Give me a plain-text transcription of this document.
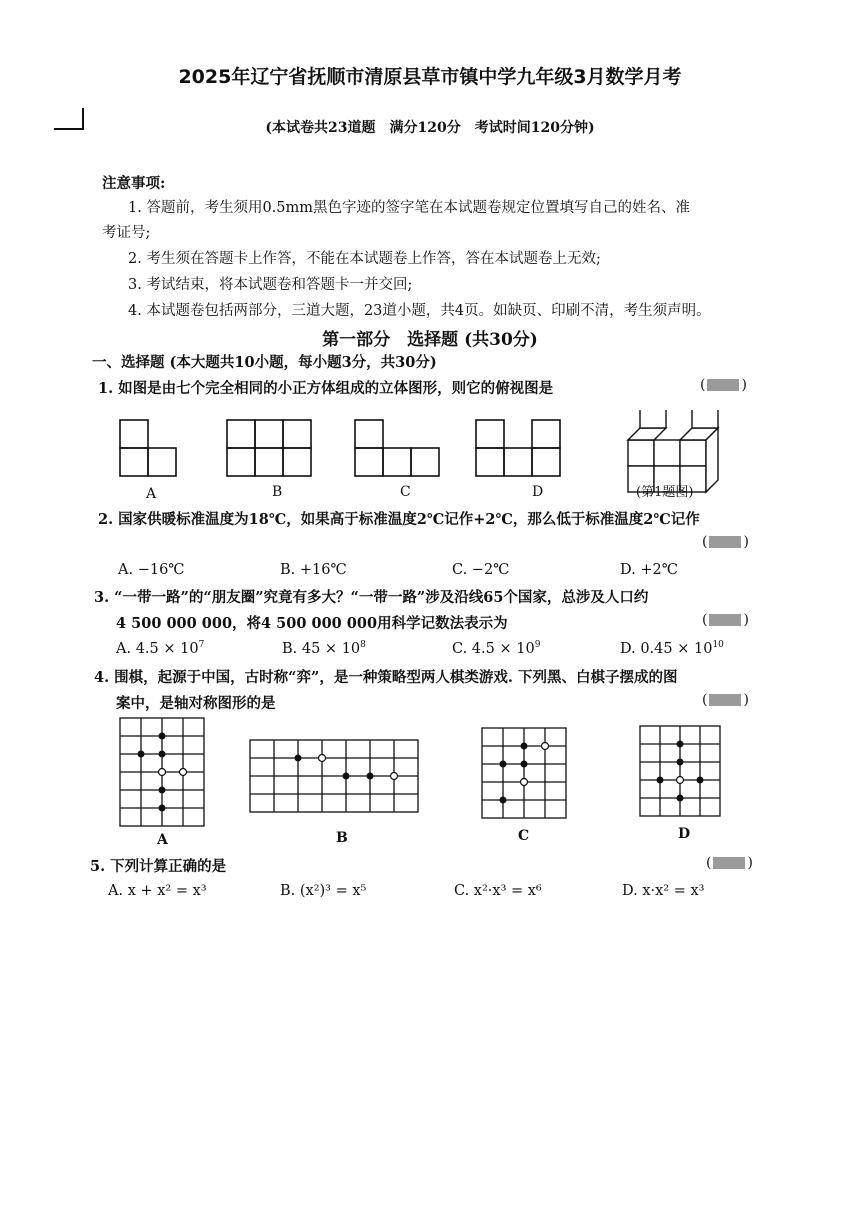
2025年辽宁省抚顺市清原县草市镇中学九年级3月数学月考
(本试卷共23道题　满分120分　考试时间120分钟)
注意事项:
1. 答题前，考生须用0.5mm黑色字迹的签字笔在本试题卷规定位置填写自己的姓名、准
考证号;
2. 考生须在答题卡上作答，不能在本试题卷上作答，答在本试题卷上无效;
3. 考试结束，将本试题卷和答题卡一并交回;
4. 本试题卷包括两部分，三道大题，23道小题，共4页。如缺页、印刷不清，考生须声明。
第一部分　选择题 (共30分)
一、选择题 (本大题共10小题，每小题3分，共30分)
1. 如图是由七个完全相同的小正方体组成的立体图形，则它的俯视图是	(	)
A	B	C	D	(第1题图)
2. 国家供暖标准温度为18℃，如果高于标准温度2℃记作+2℃，那么低于标准温度2℃记作
(	)
A. −16℃	B. +16℃	C. −2℃	D. +2℃
3. “一带一路”的“朋友圈”究竟有多大？“一带一路”涉及沿线65个国家，总涉及人口约
4 500 000 000，将4 500 000 000用科学记数法表示为	(	)
A. $4.5 \times 10^7$	B. $45 \times 10^8$	C. $4.5 \times 10^9$	D. $0.45 \times 10^{10}$
4. 围棋，起源于中国，古时称“弈”，是一种策略型两人棋类游戏. 下列黑、白棋子摆成的图
案中，是轴对称图形的是	(	)
A	B	C	D
5. 下列计算正确的是	(	)
A. x + x² = x³	B. (x²)³ = x⁵	C. x²·x³ = x⁶	D. x·x² = x³
